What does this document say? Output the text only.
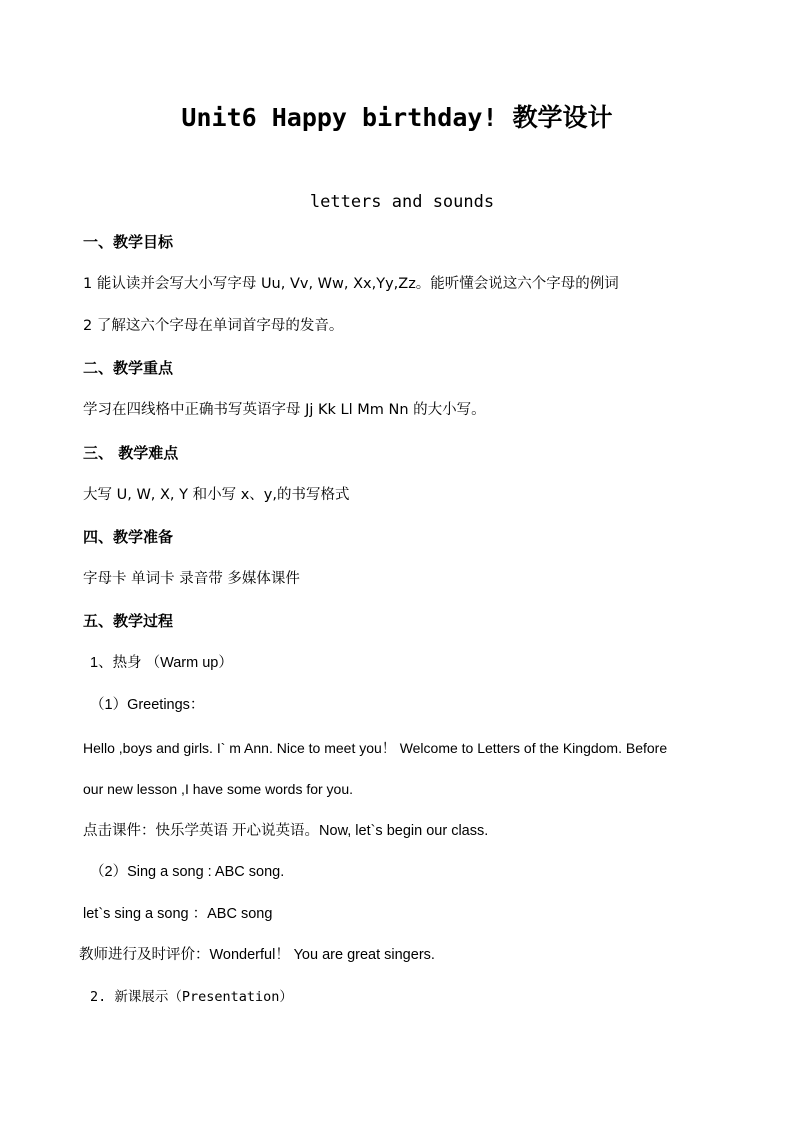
Unit6 Happy birthday! 教学设计
letters and sounds
一、教学目标
1 能认读并会写大小写字母 Uu, Vv, Ww, Xx,Yy,Zz。能听懂会说这六个字母的例词
2 了解这六个字母在单词首字母的发音。
二、教学重点
学习在四线格中正确书写英语字母 Jj Kk Ll Mm Nn 的大小写。
三、 教学难点
大写 U, W, X, Y 和小写 x、y,的书写格式
四、教学准备
字母卡 单词卡 录音带 多媒体课件
五、教学过程
1、热身 （Warm up）
（1）Greetings：
Hello ,boys and girls. I` m Ann. Nice to meet you！ Welcome to Letters of the Kingdom. Before
our new lesson ,I have some words for you.
点击课件：快乐学英语 开心说英语。Now, let`s begin our class.
（2）Sing a song : ABC song.
let`s sing a song ：ABC song
教师进行及时评价：Wonderful！ You are great singers.
2. 新课展示（Presentation）
